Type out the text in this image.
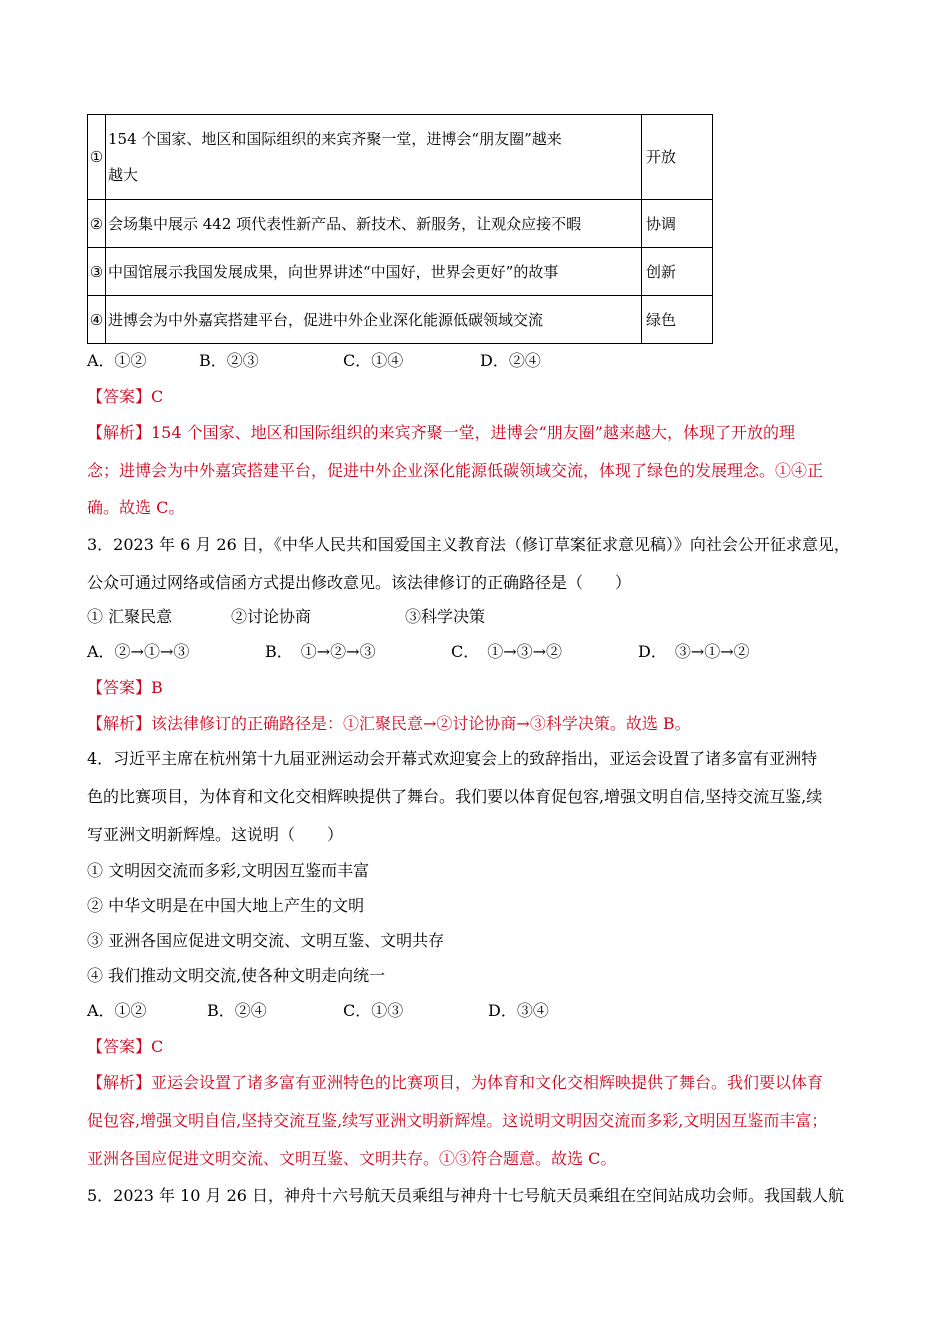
①	154 个国家、地区和国际组织的来宾齐聚一堂，进博会“朋友圈”越来
越大	开放
②	会场集中展示 442 项代表性新产品、新技术、新服务，让观众应接不暇	协调
③	中国馆展示我国发展成果，向世界讲述“中国好，世界会更好”的故事	创新
④	进博会为中外嘉宾搭建平台，促进中外企业深化能源低碳领域交流	绿色
A．①②	B．②③	C．①④	D．②④
【答案】C
【解析】154 个国家、地区和国际组织的来宾齐聚一堂，进博会“朋友圈”越来越大，体现了开放的理
念；进博会为中外嘉宾搭建平台，促进中外企业深化能源低碳领域交流，体现了绿色的发展理念。①④正
确。故选 C。
3．2023 年 6 月 26 日，《中华人民共和国爱国主义教育法（修订草案征求意见稿）》向社会公开征求意见，
公众可通过网络或信函方式提出修改意见。该法律修订的正确路径是（　　）
① 汇聚民意	②讨论协商	③科学决策
A．②→①→③	B．　①→②→③	C．　①→③→②	D．　③→①→②
【答案】B
【解析】该法律修订的正确路径是：①汇聚民意→②讨论协商→③科学决策。故选 B。
4．习近平主席在杭州第十九届亚洲运动会开幕式欢迎宴会上的致辞指出，亚运会设置了诸多富有亚洲特
色的比赛项目，为体育和文化交相辉映提供了舞台。我们要以体育促包容,增强文明自信,坚持交流互鉴,续
写亚洲文明新辉煌。这说明（　　）
① 文明因交流而多彩,文明因互鉴而丰富
② 中华文明是在中国大地上产生的文明
③ 亚洲各国应促进文明交流、文明互鉴、文明共存
④ 我们推动文明交流,使各种文明走向统一
A．①②	B．②④	C．①③	D．③④
【答案】C
【解析】亚运会设置了诸多富有亚洲特色的比赛项目，为体育和文化交相辉映提供了舞台。我们要以体育
促包容,增强文明自信,坚持交流互鉴,续写亚洲文明新辉煌。这说明文明因交流而多彩,文明因互鉴而丰富；
亚洲各国应促进文明交流、文明互鉴、文明共存。①③符合题意。故选 C。
5．2023 年 10 月 26 日，神舟十六号航天员乘组与神舟十七号航天员乘组在空间站成功会师。我国载人航
